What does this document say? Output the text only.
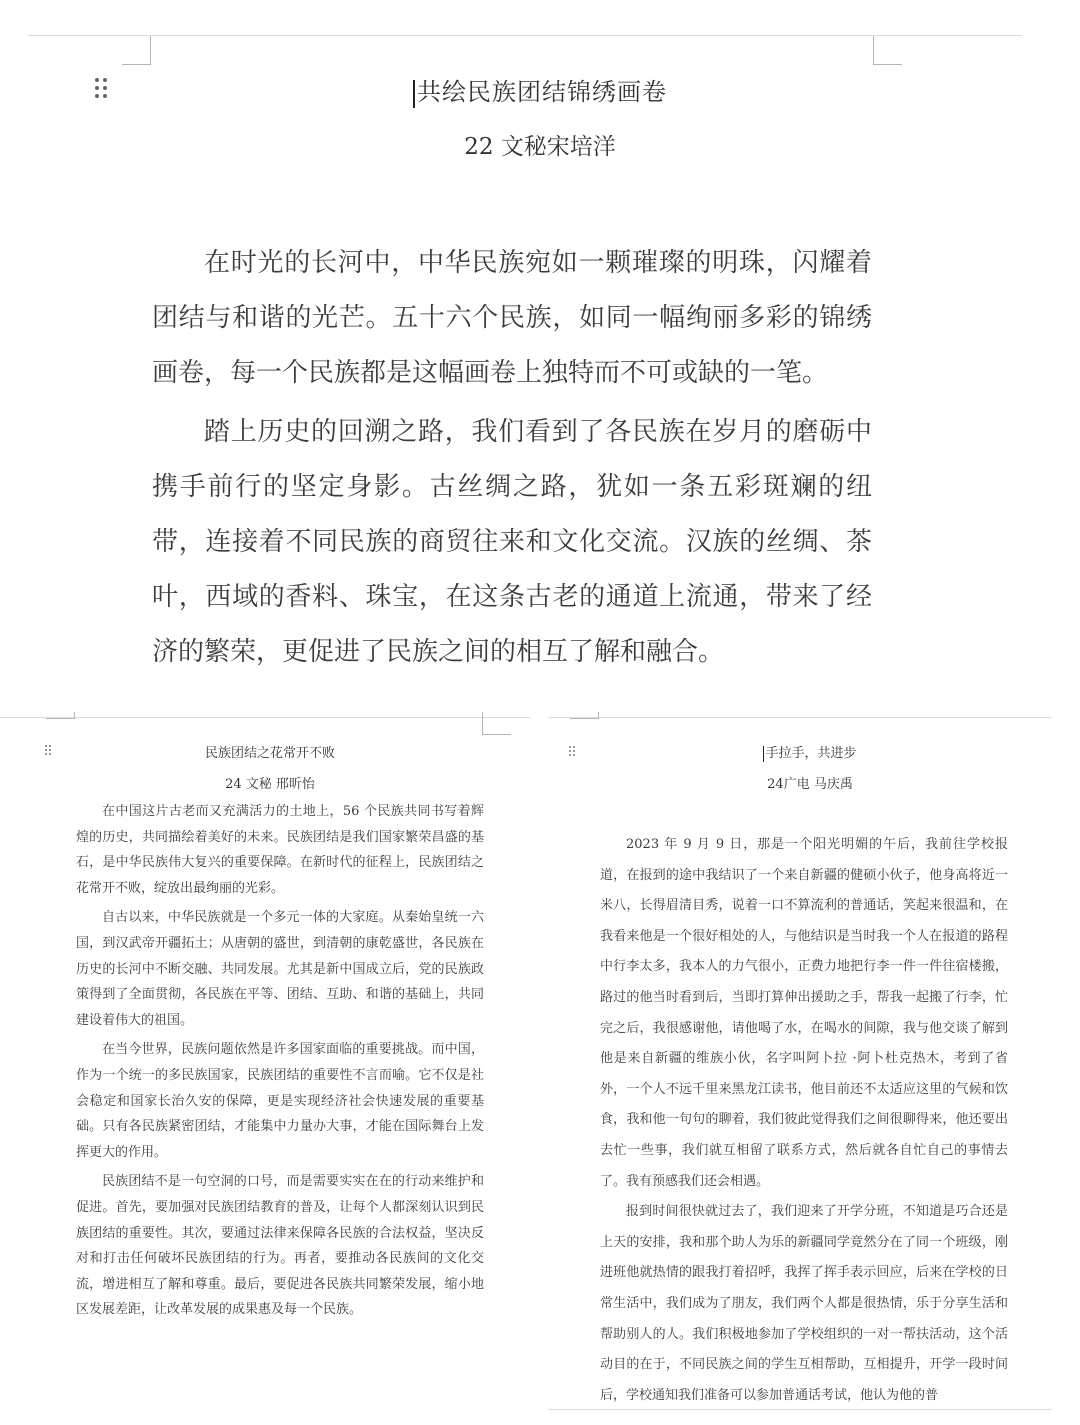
共绘民族团结锦绣画卷
22 文秘宋培洋

在时光的长河中，中华民族宛如一颗璀璨的明珠，闪耀着团结与和谐的光芒。五十六个民族，如同一幅绚丽多彩的锦绣画卷，每一个民族都是这幅画卷上独特而不可或缺的一笔。

踏上历史的回溯之路，我们看到了各民族在岁月的磨砺中携手前行的坚定身影。古丝绸之路，犹如一条五彩斑斓的纽带，连接着不同民族的商贸往来和文化交流。汉族的丝绸、茶叶，西域的香料、珠宝，在这条古老的通道上流通，带来了经济的繁荣，更促进了民族之间的相互了解和融合。

民族团结之花常开不败
24 文秘 邢昕怡

在中国这片古老而又充满活力的土地上，56 个民族共同书写着辉煌的历史，共同描绘着美好的未来。民族团结是我们国家繁荣昌盛的基石，是中华民族伟大复兴的重要保障。在新时代的征程上，民族团结之花常开不败，绽放出最绚丽的光彩。

自古以来，中华民族就是一个多元一体的大家庭。从秦始皇统一六国，到汉武帝开疆拓土；从唐朝的盛世，到清朝的康乾盛世，各民族在历史的长河中不断交融、共同发展。尤其是新中国成立后，党的民族政策得到了全面贯彻，各民族在平等、团结、互助、和谐的基础上，共同建设着伟大的祖国。

在当今世界，民族问题依然是许多国家面临的重要挑战。而中国，作为一个统一的多民族国家，民族团结的重要性不言而喻。它不仅是社会稳定和国家长治久安的保障，更是实现经济社会快速发展的重要基础。只有各民族紧密团结，才能集中力量办大事，才能在国际舞台上发挥更大的作用。

民族团结不是一句空洞的口号，而是需要实实在在的行动来维护和促进。首先，要加强对民族团结教育的普及，让每个人都深刻认识到民族团结的重要性。其次，要通过法律来保障各民族的合法权益，坚决反对和打击任何破坏民族团结的行为。再者，要推动各民族间的文化交流，增进相互了解和尊重。最后，要促进各民族共同繁荣发展，缩小地区发展差距，让改革发展的成果惠及每一个民族。

手拉手，共进步
24广电 马庆禹

2023 年 9 月 9 日，那是一个阳光明媚的午后，我前往学校报道，在报到的途中我结识了一个来自新疆的健硕小伙子，他身高将近一米八，长得眉清目秀，说着一口不算流利的普通话，笑起来很温和，在我看来他是一个很好相处的人，与他结识是当时我一个人在报道的路程中行李太多，我本人的力气很小，正费力地把行李一件一件往宿楼搬，路过的他当时看到后，当即打算伸出援助之手，帮我一起搬了行李，忙完之后，我很感谢他，请他喝了水，在喝水的间隙，我与他交谈了解到他是来自新疆的维族小伙，名字叫阿卜拉 ·阿卜杜克热木，考到了省外，一个人不远千里来黑龙江读书，他目前还不太适应这里的气候和饮食，我和他一句句的聊着，我们彼此觉得我们之间很聊得来，他还要出去忙一些事，我们就互相留了联系方式，然后就各自忙自己的事情去了。我有预感我们还会相遇。

报到时间很快就过去了，我们迎来了开学分班，不知道是巧合还是上天的安排，我和那个助人为乐的新疆同学竟然分在了同一个班级，刚进班他就热情的跟我打着招呼，我挥了挥手表示回应，后来在学校的日常生活中，我们成为了朋友，我们两个人都是很热情，乐于分享生活和帮助别人的人。我们积极地参加了学校组织的一对一帮扶活动，这个活动目的在于，不同民族之间的学生互相帮助，互相提升，开学一段时间后，学校通知我们准备可以参加普通话考试，他认为他的普
